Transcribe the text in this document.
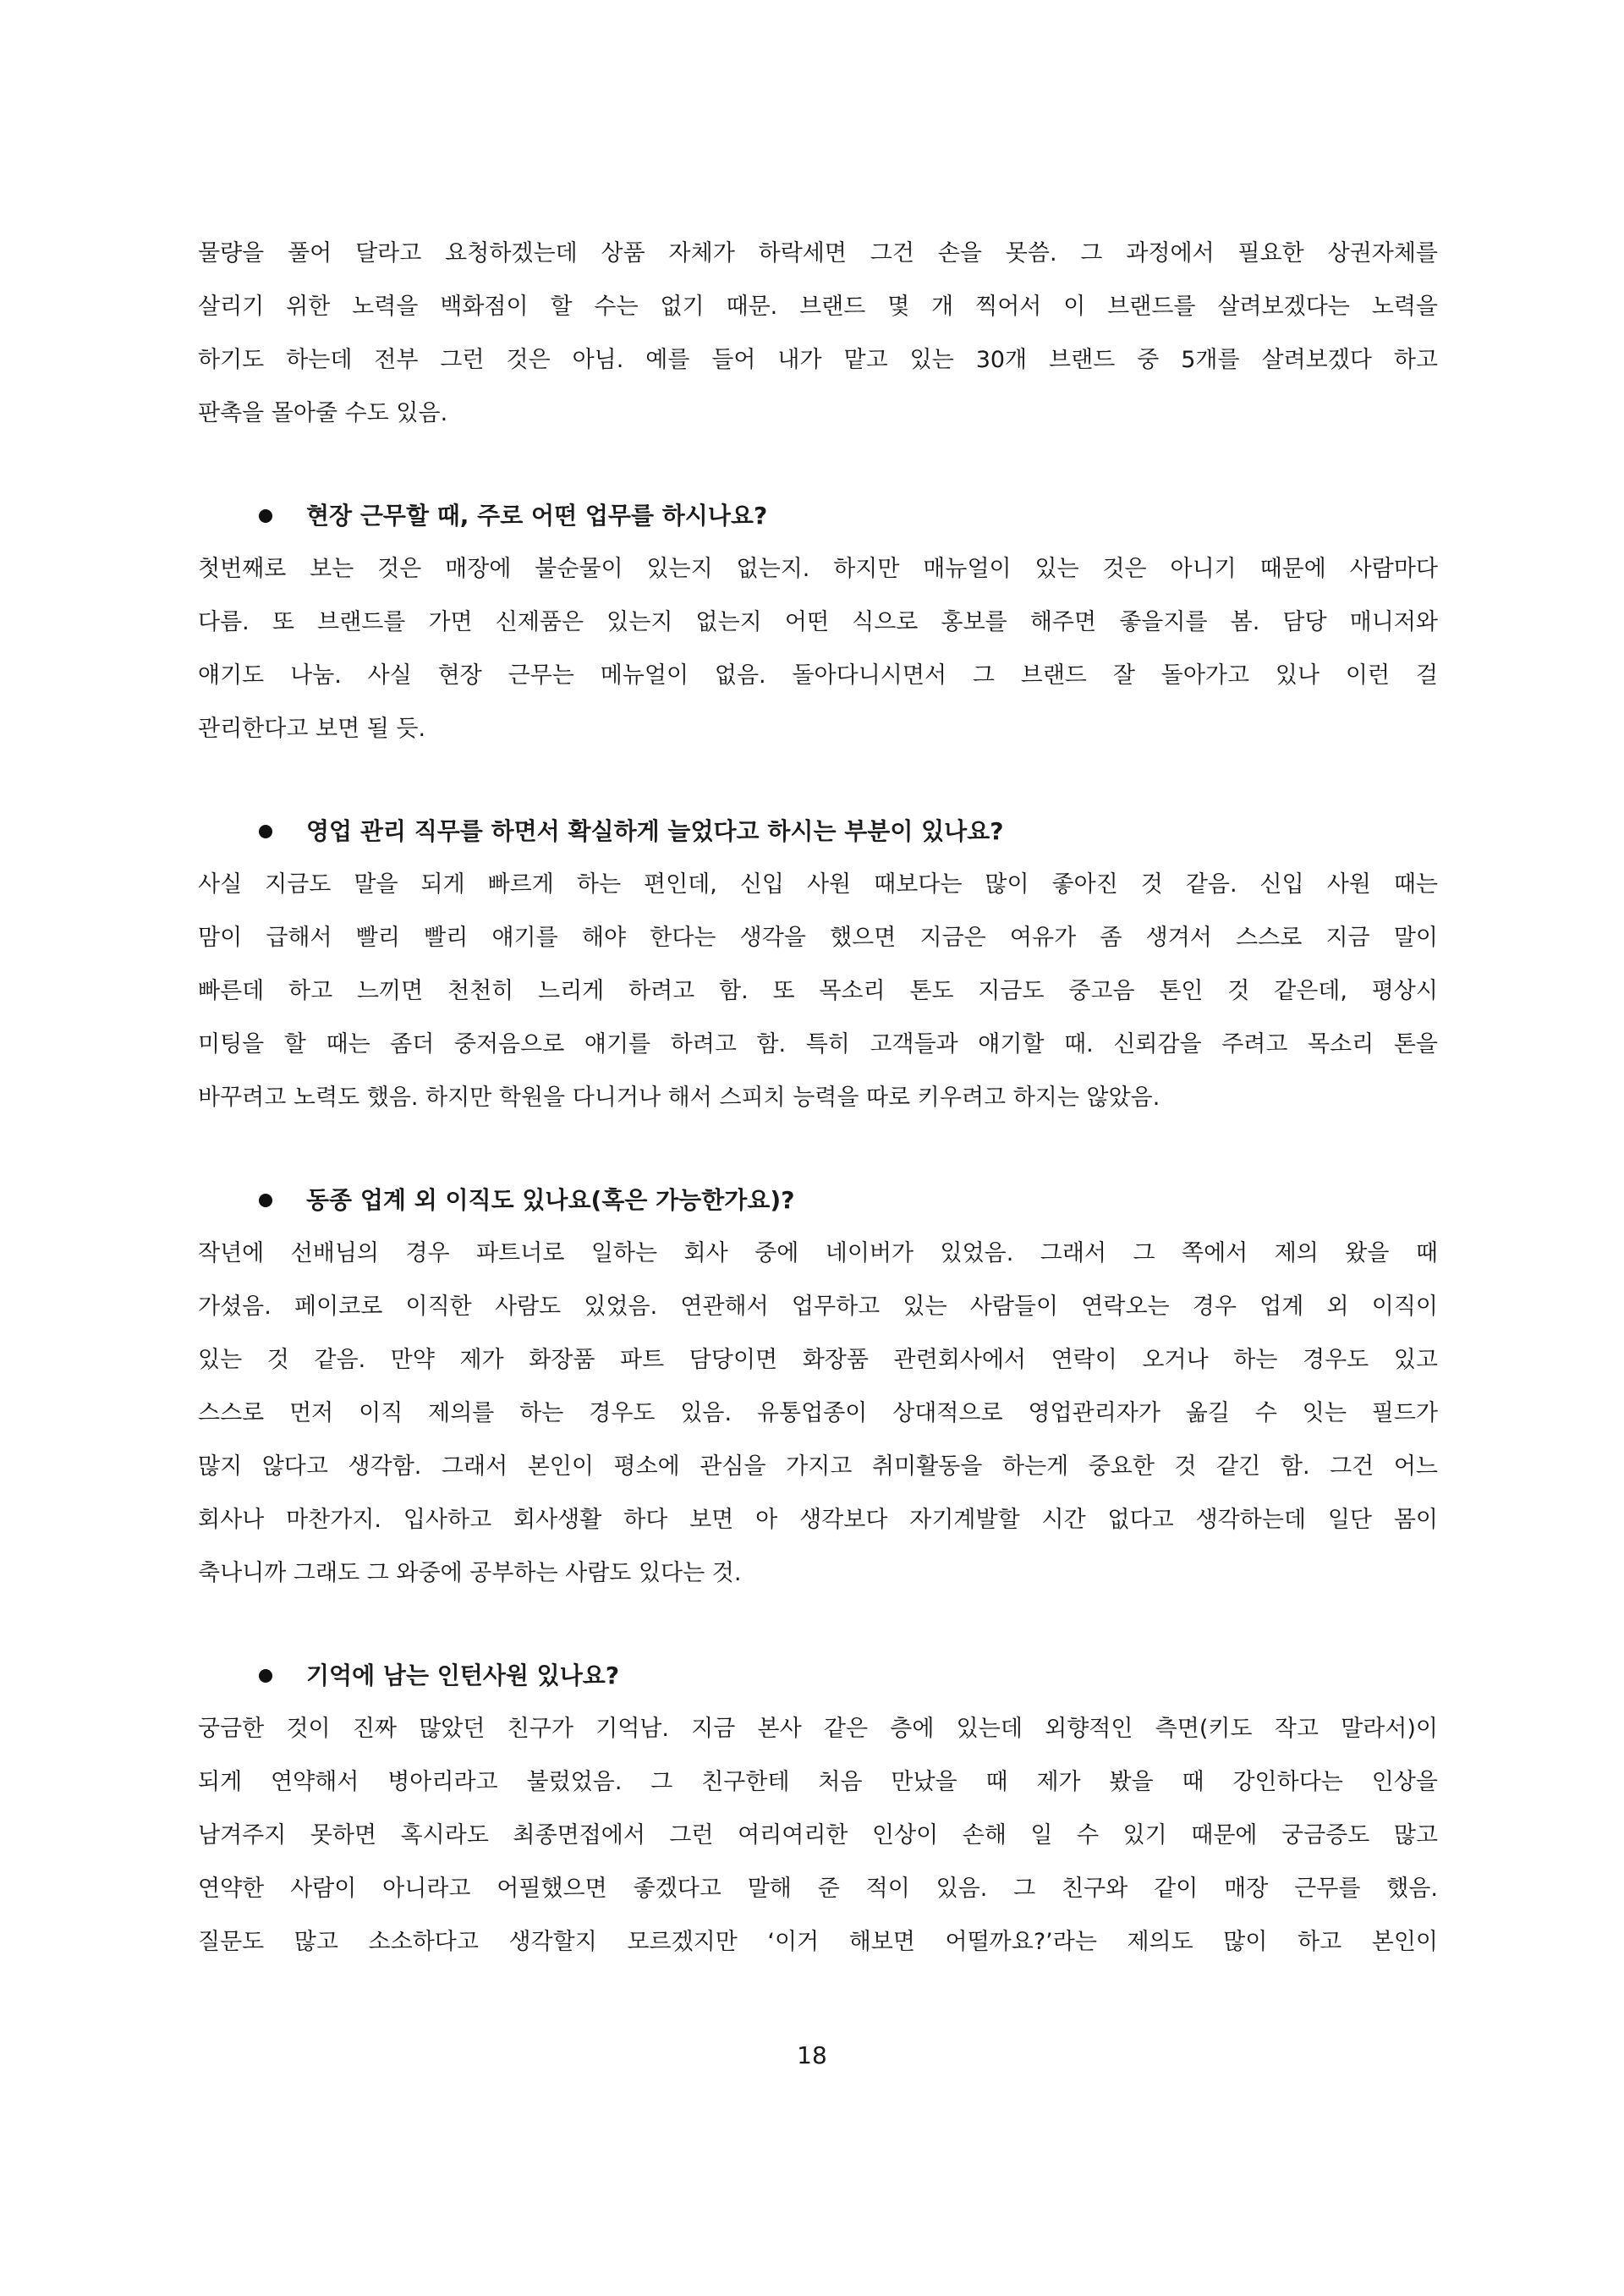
물량을 풀어 달라고 요청하겠는데 상품 자체가 하락세면 그건 손을 못씀. 그 과정에서 필요한 상권자체를
살리기 위한 노력을 백화점이 할 수는 없기 때문. 브랜드 몇 개 찍어서 이 브랜드를 살려보겠다는 노력을
하기도 하는데 전부 그런 것은 아님. 예를 들어 내가 맡고 있는 30개 브랜드 중 5개를 살려보겠다 하고
판촉을 몰아줄 수도 있음.

현장 근무할 때, 주로 어떤 업무를 하시나요?

첫번째로 보는 것은 매장에 불순물이 있는지 없는지. 하지만 매뉴얼이 있는 것은 아니기 때문에 사람마다
다름. 또 브랜드를 가면 신제품은 있는지 없는지 어떤 식으로 홍보를 해주면 좋을지를 봄. 담당 매니저와
얘기도 나눔. 사실 현장 근무는 메뉴얼이 없음. 돌아다니시면서 그 브랜드 잘 돌아가고 있나 이런 걸
관리한다고 보면 될 듯.

영업 관리 직무를 하면서 확실하게 늘었다고 하시는 부분이 있나요?

사실 지금도 말을 되게 빠르게 하는 편인데, 신입 사원 때보다는 많이 좋아진 것 같음. 신입 사원 때는
맘이 급해서 빨리 빨리 얘기를 해야 한다는 생각을 했으면 지금은 여유가 좀 생겨서 스스로 지금 말이
빠른데 하고 느끼면 천천히 느리게 하려고 함. 또 목소리 톤도 지금도 중고음 톤인 것 같은데, 평상시
미팅을 할 때는 좀더 중저음으로 얘기를 하려고 함. 특히 고객들과 얘기할 때. 신뢰감을 주려고 목소리 톤을
바꾸려고 노력도 했음. 하지만 학원을 다니거나 해서 스피치 능력을 따로 키우려고 하지는 않았음.

동종 업계 외 이직도 있나요(혹은 가능한가요)?

작년에 선배님의 경우 파트너로 일하는 회사 중에 네이버가 있었음. 그래서 그 쪽에서 제의 왔을 때
가셨음. 페이코로 이직한 사람도 있었음. 연관해서 업무하고 있는 사람들이 연락오는 경우 업계 외 이직이
있는 것 같음. 만약 제가 화장품 파트 담당이면 화장품 관련회사에서 연락이 오거나 하는 경우도 있고
스스로 먼저 이직 제의를 하는 경우도 있음. 유통업종이 상대적으로 영업관리자가 옮길 수 잇는 필드가
많지 않다고 생각함. 그래서 본인이 평소에 관심을 가지고 취미활동을 하는게 중요한 것 같긴 함. 그건 어느
회사나 마찬가지. 입사하고 회사생활 하다 보면 아 생각보다 자기계발할 시간 없다고 생각하는데 일단 몸이
축나니까 그래도 그 와중에 공부하는 사람도 있다는 것.

기억에 남는 인턴사원 있나요?

궁금한 것이 진짜 많았던 친구가 기억남. 지금 본사 같은 층에 있는데 외향적인 측면(키도 작고 말라서)이
되게 연약해서 병아리라고 불렀었음. 그 친구한테 처음 만났을 때 제가 봤을 때 강인하다는 인상을
남겨주지 못하면 혹시라도 최종면접에서 그런 여리여리한 인상이 손해 일 수 있기 때문에 궁금증도 많고
연약한 사람이 아니라고 어필했으면 좋겠다고 말해 준 적이 있음. 그 친구와 같이 매장 근무를 했음.
질문도 많고 소소하다고 생각할지 모르겠지만 ‘이거 해보면 어떨까요?’라는 제의도 많이 하고 본인이
18
